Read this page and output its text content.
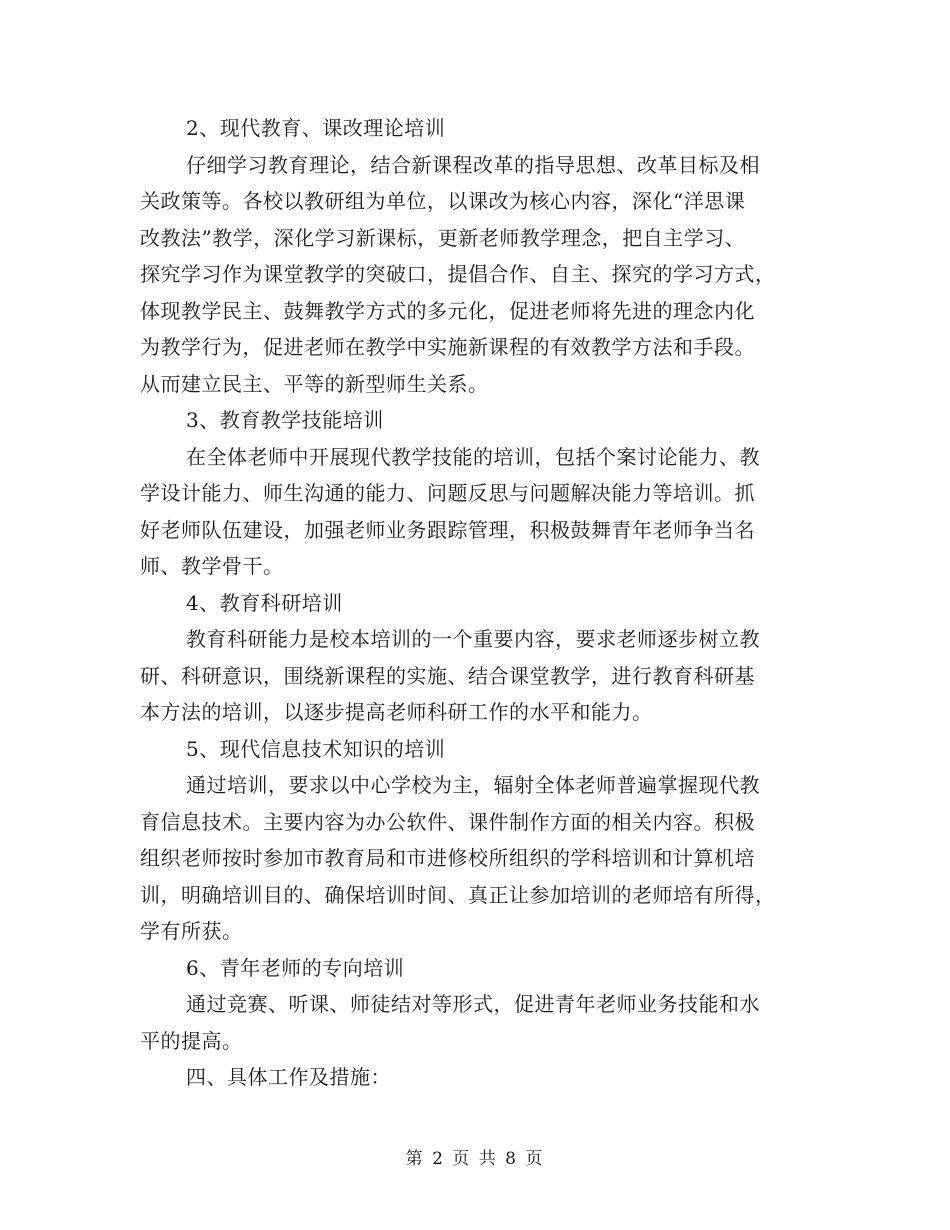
2、现代教育、课改理论培训
仔细学习教育理论，结合新课程改革的指导思想、改革目标及相
关政策等。各校以教研组为单位，以课改为核心内容，深化“洋思课
改教法”教学，深化学习新课标，更新老师教学理念，把自主学习、
探究学习作为课堂教学的突破口，提倡合作、自主、探究的学习方式，
体现教学民主、鼓舞教学方式的多元化，促进老师将先进的理念内化
为教学行为，促进老师在教学中实施新课程的有效教学方法和手段。
从而建立民主、平等的新型师生关系。
3、教育教学技能培训
在全体老师中开展现代教学技能的培训，包括个案讨论能力、教
学设计能力、师生沟通的能力、问题反思与问题解决能力等培训。抓
好老师队伍建设，加强老师业务跟踪管理，积极鼓舞青年老师争当名
师、教学骨干。
4、教育科研培训
教育科研能力是校本培训的一个重要内容，要求老师逐步树立教
研、科研意识，围绕新课程的实施、结合课堂教学，进行教育科研基
本方法的培训，以逐步提高老师科研工作的水平和能力。
5、现代信息技术知识的培训
通过培训，要求以中心学校为主，辐射全体老师普遍掌握现代教
育信息技术。主要内容为办公软件、课件制作方面的相关内容。积极
组织老师按时参加市教育局和市进修校所组织的学科培训和计算机培
训，明确培训目的、确保培训时间、真正让参加培训的老师培有所得，
学有所获。
6、青年老师的专向培训
通过竞赛、听课、师徒结对等形式，促进青年老师业务技能和水
平的提高。
四、具体工作及措施：
第 2 页 共 8 页
